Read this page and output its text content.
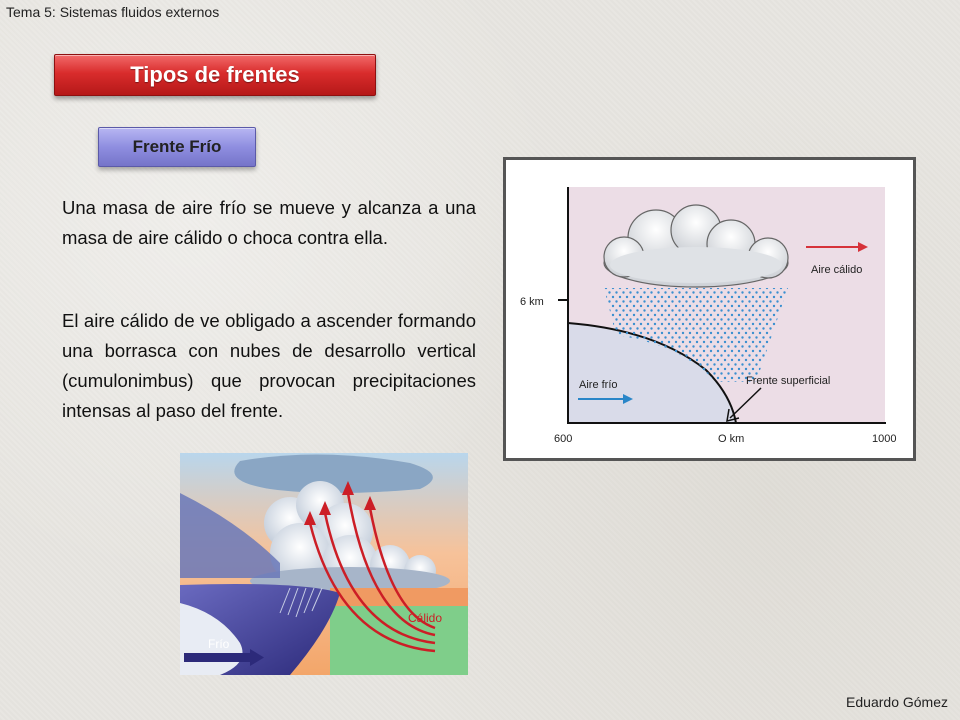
Tema 5: Sistemas fluidos externos
Tipos de frentes
Frente Frío

Una masa de aire frío se mueve y alcanza a una masa de aire cálido o choca contra ella.

El aire cálido de ve obligado a ascender formando una borrasca con nubes de desarrollo vertical (cumulonimbus) que provocan precipitaciones intensas al paso del frente.

6 km
600	O km	1000
Aire cálido
Aire frío	Frente superficial
Frío
Cálido
Eduardo Gómez
